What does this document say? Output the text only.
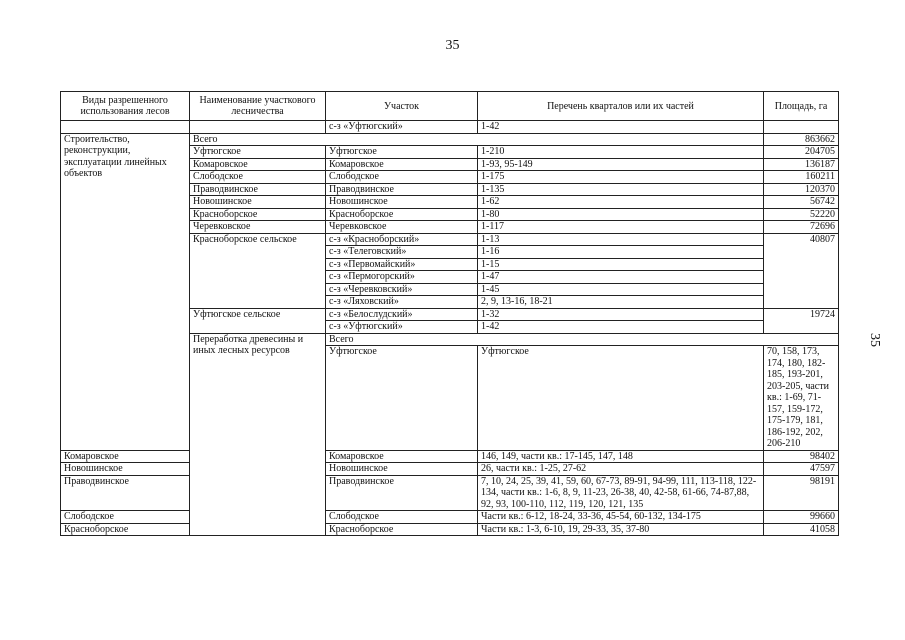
35
35
Виды разрешенного использования лесов	Наименование участкового лесничества	Участок	Перечень кварталов или их частей	Площадь, га	
		с-з «Уфтюгский»	1-42		
Строительство, реконструкции, эксплуатации линейных объектов	Всего			863662	
	Уфтюгское	Уфтюгское	1-210	204705	
	Комаровское	Комаровское	1-93, 95-149	136187	
	Слободское	Слободское	1-175	160211	
	Праводвинское	Праводвинское	1-135	120370	
	Новошинское	Новошинское	1-62	56742	
	Красноборское	Красноборское	1-80	52220	
	Черевковское	Черевковское	1-117	72696	
	Красноборское сельское	с-з «Красноборский»	1-13	40807	
		с-з «Телеговский»	1-16		
		с-з «Первомайский»	1-15		
		с-з «Пермогорский»	1-47		
		с-з «Черевковский»	1-45		
		с-з «Ляховский»	2, 9, 13-16, 18-21		
	Уфтюгское сельское	с-з «Белослудский»	1-32	19724	
		с-з «Уфтюгский»	1-42		
	Переработка древесины и иных лесных ресурсов	Всего	
		Уфтюгское	Уфтюгское	70, 158, 173, 174, 180, 182-185, 193-201, 203-205, части кв.: 1-69, 71-157, 159-172, 175-179, 181, 186-192, 202, 206-210	
Комаровское		Комаровское	146, 149, части кв.: 17-145, 147, 148	98402	
Новошинское		Новошинское	26, части кв.: 1-25, 27-62	47597	
Праводвинское		Праводвинское	7, 10, 24, 25, 39, 41, 59, 60, 67-73, 89-91, 94-99, 111, 113-118, 122-134, части кв.: 1-6, 8, 9, 11-23, 26-38, 40, 42-58, 61-66, 74-87,88, 92, 93, 100-110, 112, 119, 120, 121, 135	98191	
Слободское		Слободское	Части кв.: 6-12, 18-24, 33-36, 45-54, 60-132, 134-175	99660	
Красноборское		Красноборское	Части кв.: 1-3, 6-10, 19, 29-33, 35, 37-80	41058	
